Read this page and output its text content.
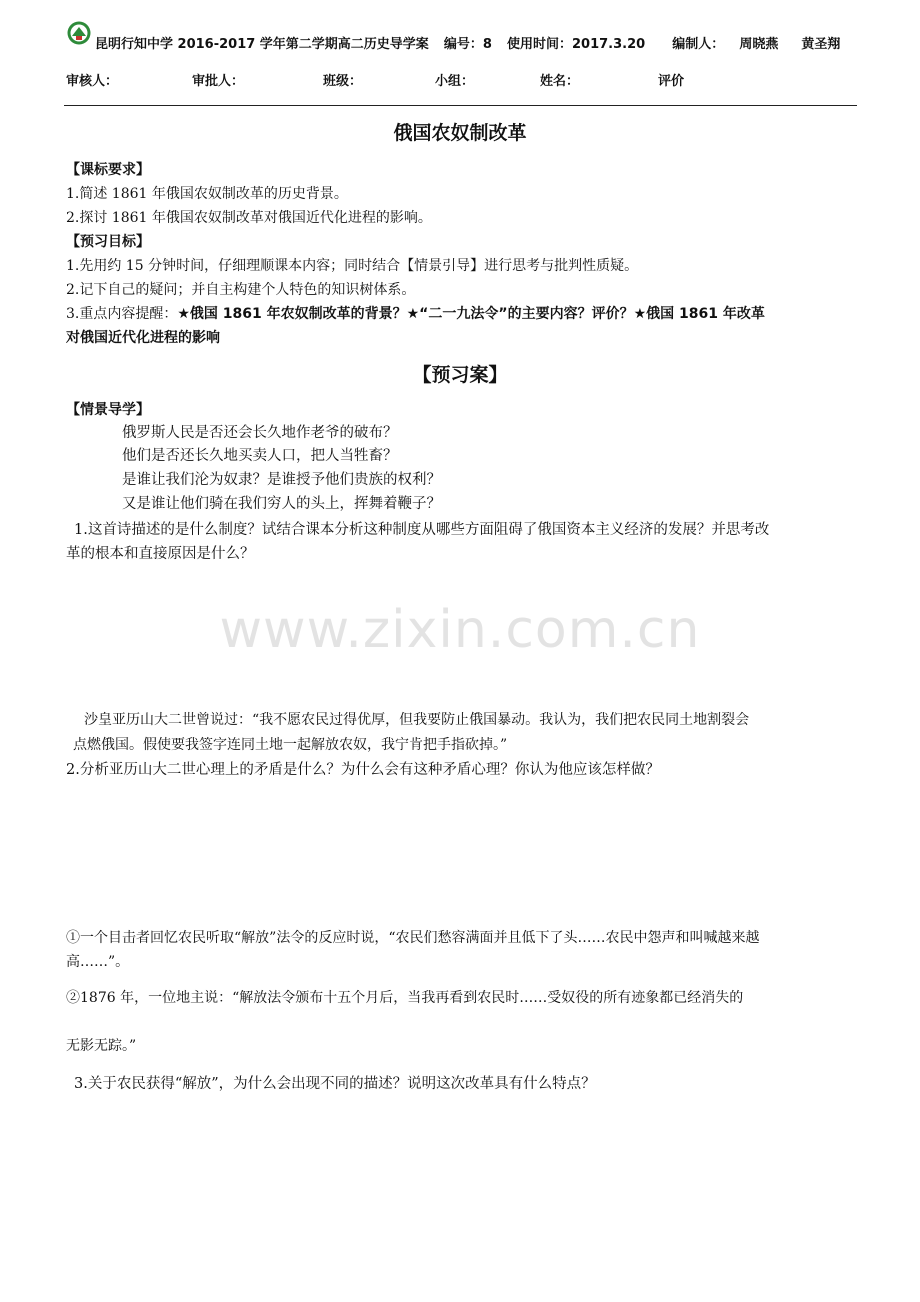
昆明行知中学 2016-2017 学年第二学期高二历史导学案 编号：8 使用时间：2017.3.20 编制人： 周晓燕 黄圣翔
审核人：	审批人：	班级：	小组：	姓名：	评价
俄国农奴制改革
【课标要求】
1.简述 1861 年俄国农奴制改革的历史背景。
2.探讨 1861 年俄国农奴制改革对俄国近代化进程的影响。
【预习目标】
1.先用约 15 分钟时间，仔细理顺课本内容；同时结合【情景引导】进行思考与批判性质疑。
2.记下自己的疑问；并自主构建个人特色的知识树体系。
3.重点内容提醒：★俄国 1861 年农奴制改革的背景？★“二一九法令”的主要内容？评价？★俄国 1861 年改革
对俄国近代化进程的影响
【预习案】
【情景导学】
俄罗斯人民是否还会长久地作老爷的破布？
他们是否还长久地买卖人口，把人当牲畜？
是谁让我们沦为奴隶？是谁授予他们贵族的权利？
又是谁让他们骑在我们穷人的头上，挥舞着鞭子？
1.这首诗描述的是什么制度？试结合课本分析这种制度从哪些方面阻碍了俄国资本主义经济的发展？并思考改
革的根本和直接原因是什么？
www.zixin.com.cn
沙皇亚历山大二世曾说过：“我不愿农民过得优厚，但我要防止俄国暴动。我认为，我们把农民同土地割裂会
点燃俄国。假使要我签字连同土地一起解放农奴，我宁肯把手指砍掉。”
2.分析亚历山大二世心理上的矛盾是什么？为什么会有这种矛盾心理？你认为他应该怎样做？
①一个目击者回忆农民听取“解放”法令的反应时说，“农民们愁容满面并且低下了头……农民中怨声和叫喊越来越
高……”。
②1876 年，一位地主说：“解放法令颁布十五个月后，当我再看到农民时……受奴役的所有迹象都已经消失的
无影无踪。”
3.关于农民获得“解放”，为什么会出现不同的描述？说明这次改革具有什么特点？
